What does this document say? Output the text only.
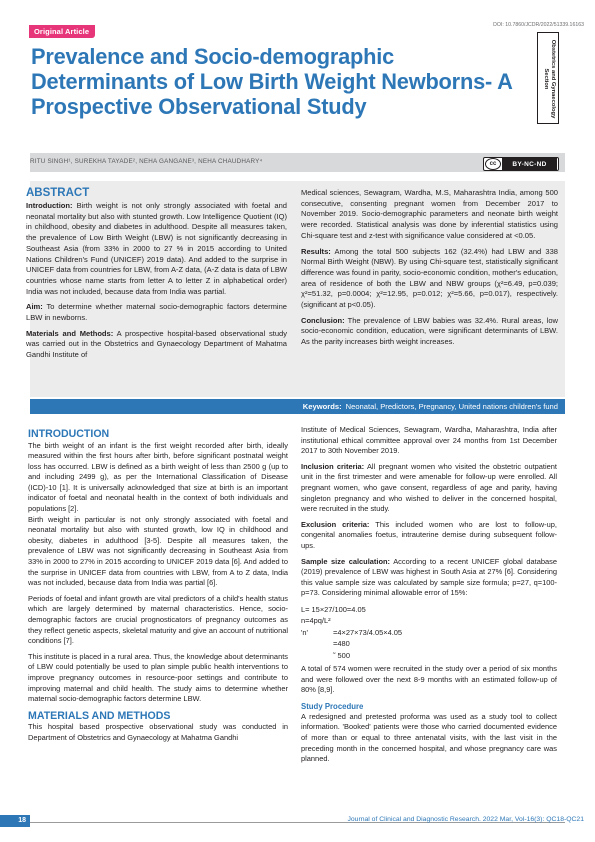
Original Article
DOI: 10.7860/JCDR/2022/51339.16163
Obstetrics and Gynaecology Section
Prevalence and Socio-demographic Determinants of Low Birth Weight Newborns- A Prospective Observational Study
RITU SINGH¹, SUREKHA TAYADE², NEHA GANGANE³, NEHA CHAUDHARY⁴	cc	BY-NC-ND
ABSTRACT

Introduction: Birth weight is not only strongly associated with foetal and neonatal mortality but also with stunted growth. Low Intelligence Quotient (IQ) in childhood, obesity and diabetes in adulthood. Despite all measures taken, the prevalence of Low Birth Weight (LBW) is not significantly decreasing in Southeast Asia (from 33% in 2000 to 27 % in 2015 according to United Nations Children's Fund (UNICEF) 2019 data). And added to the surprise in UNICEF data from countries for LBW, from A-Z data, (A-Z data is data of LBW countries whose name starts from letter A to letter Z in alphabetical order) India was not included, because data from India was partial.

Aim: To determine whether maternal socio-demographic factors determine LBW in newborns.

Materials and Methods: A prospective hospital-based observational study was carried out in the Obstetrics and Gynaecology Department of Mahatma Gandhi Institute of

Medical sciences, Sewagram, Wardha, M.S, Maharashtra India, among 500 consecutive, consenting pregnant women from December 2017 to November 2019. Socio-demographic parameters and neonate birth weight were recorded. Statistical analysis was done by inferential statistics using Chi-square test and z-test with significance value considered at <0.05.

Results: Among the total 500 subjects 162 (32.4%) had LBW and 338 Normal Birth Weight (NBW). By using Chi-square test, statistically significant difference was found in parity, socio-economic condition, mother's education, area of residence of both the LBW and NBW groups (χ²=6.49, p=0.039; χ²=51.32, p=0.0004; χ²=12.95, p=0.012; χ²=5.66, p=0.017), respectively. (significant at p<0.05).

Conclusion: The prevalence of LBW babies was 32.4%. Rural areas, low socio-economic condition, education, were significant determinants of LBW. As the parity increases birth weight increases.

Keywords: Neonatal, Predictors, Pregnancy, United nations children's fund
INTRODUCTION

The birth weight of an infant is the first weight recorded after birth, ideally measured within the first hours after birth, before significant postnatal weight loss has occurred. LBW is defined as a birth weight of less than 2500 g (up to and including 2499 g), as per the International Classification of Disease (ICD)-10 [1]. It is universally acknowledged that size at birth is an important indicator of foetal and neonatal health in the context of both individuals and populations [2].

Birth weight in particular is not only strongly associated with foetal and neonatal mortality but also with stunted growth, low IQ in childhood and obesity, diabetes in adulthood [3-5]. Despite all measures taken, the prevalence of LBW was not significantly decreasing in Southeast Asia from 33% in 2000 to 27% in 2015 according to UNICEF 2019 data [6]. And added to the surprise in UNICEF data from countries with LBW, from A to Z data, India was not included, because data from India was partial [6].

Periods of foetal and infant growth are vital predictors of a child's health status which are largely determined by maternal characteristics. Hence, socio-demographic factors are crucial prognosticators of pregnancy outcomes as they reflect genetic aspects, skeletal maturity and give an account of nutritional conditions [7].

This institute is placed in a rural area. Thus, the knowledge about determinants of LBW could potentially be used to plan simple public health interventions to improve pregnancy outcomes in resource-poor settings and contribute to improving maternal and child health. The study aims to determine whether maternal socio-demographic factors determine LBW.

MATERIALS AND METHODS

This hospital based prospective observational study was conducted in Department of Obstetrics and Gynaecology at Mahatma Gandhi

Institute of Medical Sciences, Sewagram, Wardha, Maharashtra, India after institutional ethical committee approval over 24 months from 1st December 2017 to 30th November 2019.

Inclusion criteria: All pregnant women who visited the obstetric outpatient unit in the first trimester and were amenable for follow-up were enrolled. All pregnant women, who gave consent, regardless of age and parity, having singleton pregnancy and who wished to deliver in the concerned hospital, were recruited in the study.

Exclusion criteria: This included women who are lost to follow-up, congenital anomalies foetus, intrauterine demise during subsequent follow-ups.

Sample size calculation: According to a recent UNICEF global database (2019) prevalence of LBW was highest in South Asia at 27% [6]. Considering this value sample size was calculated by sample size formula; p=27, q=100-p=73. Considering minimal allowable error of 15%:

L= 15×27/100=4.05
n=4pq/L²
'n'	=4×27×73/4.05×4.05
=480
˜ 500

A total of 574 women were recruited in the study over a period of six months and were followed over the next 8-9 months with an estimated follow-up of 80% [8,9].

Study Procedure

A redesigned and pretested proforma was used as a study tool to collect information. 'Booked' patients were those who carried documented evidence of more than or equal to three antenatal visits, with the last visit in the preceding month in the concerned hospital, and whose pregnancy care was planned.

18	Journal of Clinical and Diagnostic Research. 2022 Mar, Vol-16(3): QC18-QC21
